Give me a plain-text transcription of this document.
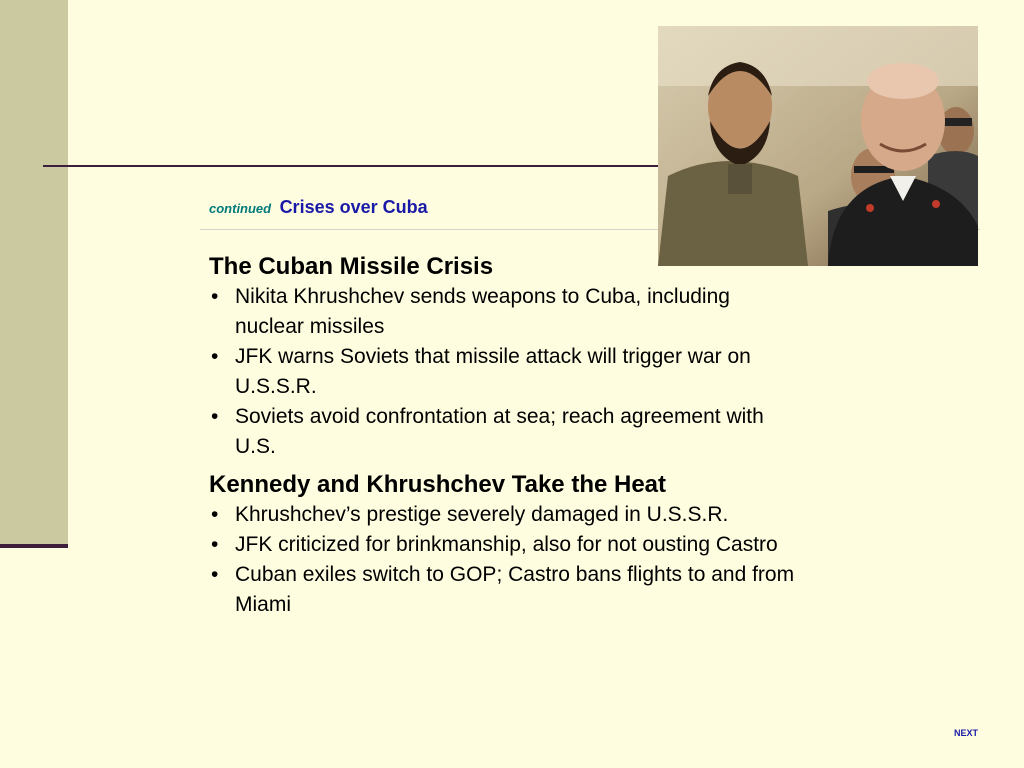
continued Crises over Cuba
The Cuban Missile Crisis
• Nikita Khrushchev sends weapons to Cuba, including nuclear missiles
• JFK warns Soviets that missile attack will trigger war on U.S.S.R.
• Soviets avoid confrontation at sea; reach agreement with U.S.
Kennedy and Khrushchev Take the Heat
• Khrushchev’s prestige severely damaged in U.S.S.R.
• JFK criticized for brinkmanship, also for not ousting Castro
• Cuban exiles switch to GOP; Castro bans flights to and from Miami
NEXT
